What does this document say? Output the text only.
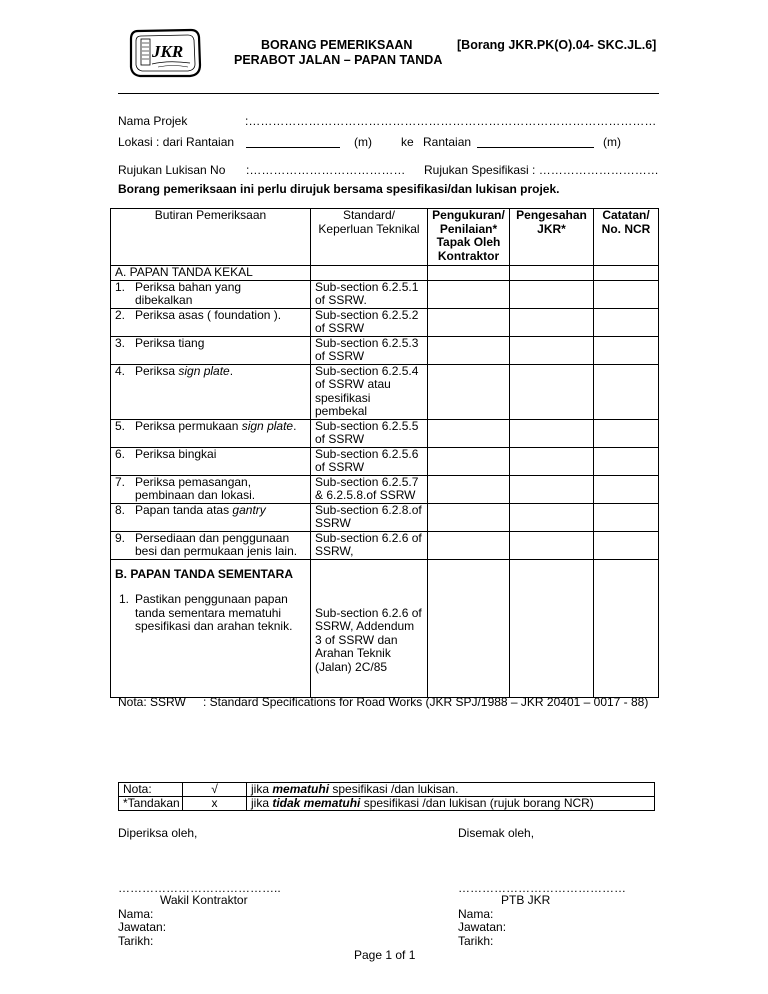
JKR	BORANG PEMERIKSAAN
PERABOT JALAN – PAPAN TANDA
[Borang JKR.PK(O).04- SKC.JL.6]
Nama Projek	:…………………………………………………………………………………………
Lokasi : dari Rantaian	(m) ke Rantaian	(m)
Rujukan Lukisan No :………………………………… Rujukan Spesifikasi : …………………………
Borang pemeriksaan ini perlu dirujuk bersama spesifikasi/dan lukisan projek.
Butiran Pemeriksaan	Standard/ Keperluan Teknikal	Pengukuran/ Penilaian* Tapak Oleh Kontraktor	Pengesahan JKR*	Catatan/ No. NCR
A. PAPAN TANDA KEKAL				
1. Periksa bahan yang
dibekalkan	Sub-section 6.2.5.1 of SSRW.			
2. Periksa asas ( foundation ).	Sub-section 6.2.5.2 of SSRW			
3. Periksa tiang	Sub-section 6.2.5.3 of SSRW			
4. Periksa sign plate.	Sub-section 6.2.5.4 of SSRW atau spesifikasi pembekal			
5. Periksa permukaan sign plate.	Sub-section 6.2.5.5 of SSRW			
6. Periksa bingkai	Sub-section 6.2.5.6 of SSRW			
7. Periksa pemasangan,
pembinaan dan lokasi.	Sub-section 6.2.5.7 & 6.2.5.8.of SSRW			
8. Papan tanda atas gantry	Sub-section 6.2.8.of SSRW			
9. Persediaan dan penggunaan
besi dan permukaan jenis lain.	Sub-section 6.2.6 of SSRW,			

B. PAPAN TANDA SEMENTARA
1. Pastikan penggunaan papan
tanda sementara mematuhi
spesifikasi dan arahan teknik.	Sub-section 6.2.6 of SSRW, Addendum 3 of SSRW dan Arahan Teknik (Jalan) 2C/85			
Nota: SSRW : Standard Specifications for Road Works (JKR SPJ/1988 – JKR 20401 – 0017 - 88)
Nota:	√	jika mematuhi spesifikasi /dan lukisan.
*Tandakan	x	jika tidak mematuhi spesifikasi /dan lukisan (rujuk borang NCR)
Diperiksa oleh,	Disemak oleh,
…………………………………..	……………………………………
Wakil Kontraktor	PTB JKR
Nama:
Jawatan:
Tarikh:
Nama:
Jawatan:
Tarikh:
Page 1 of 1
